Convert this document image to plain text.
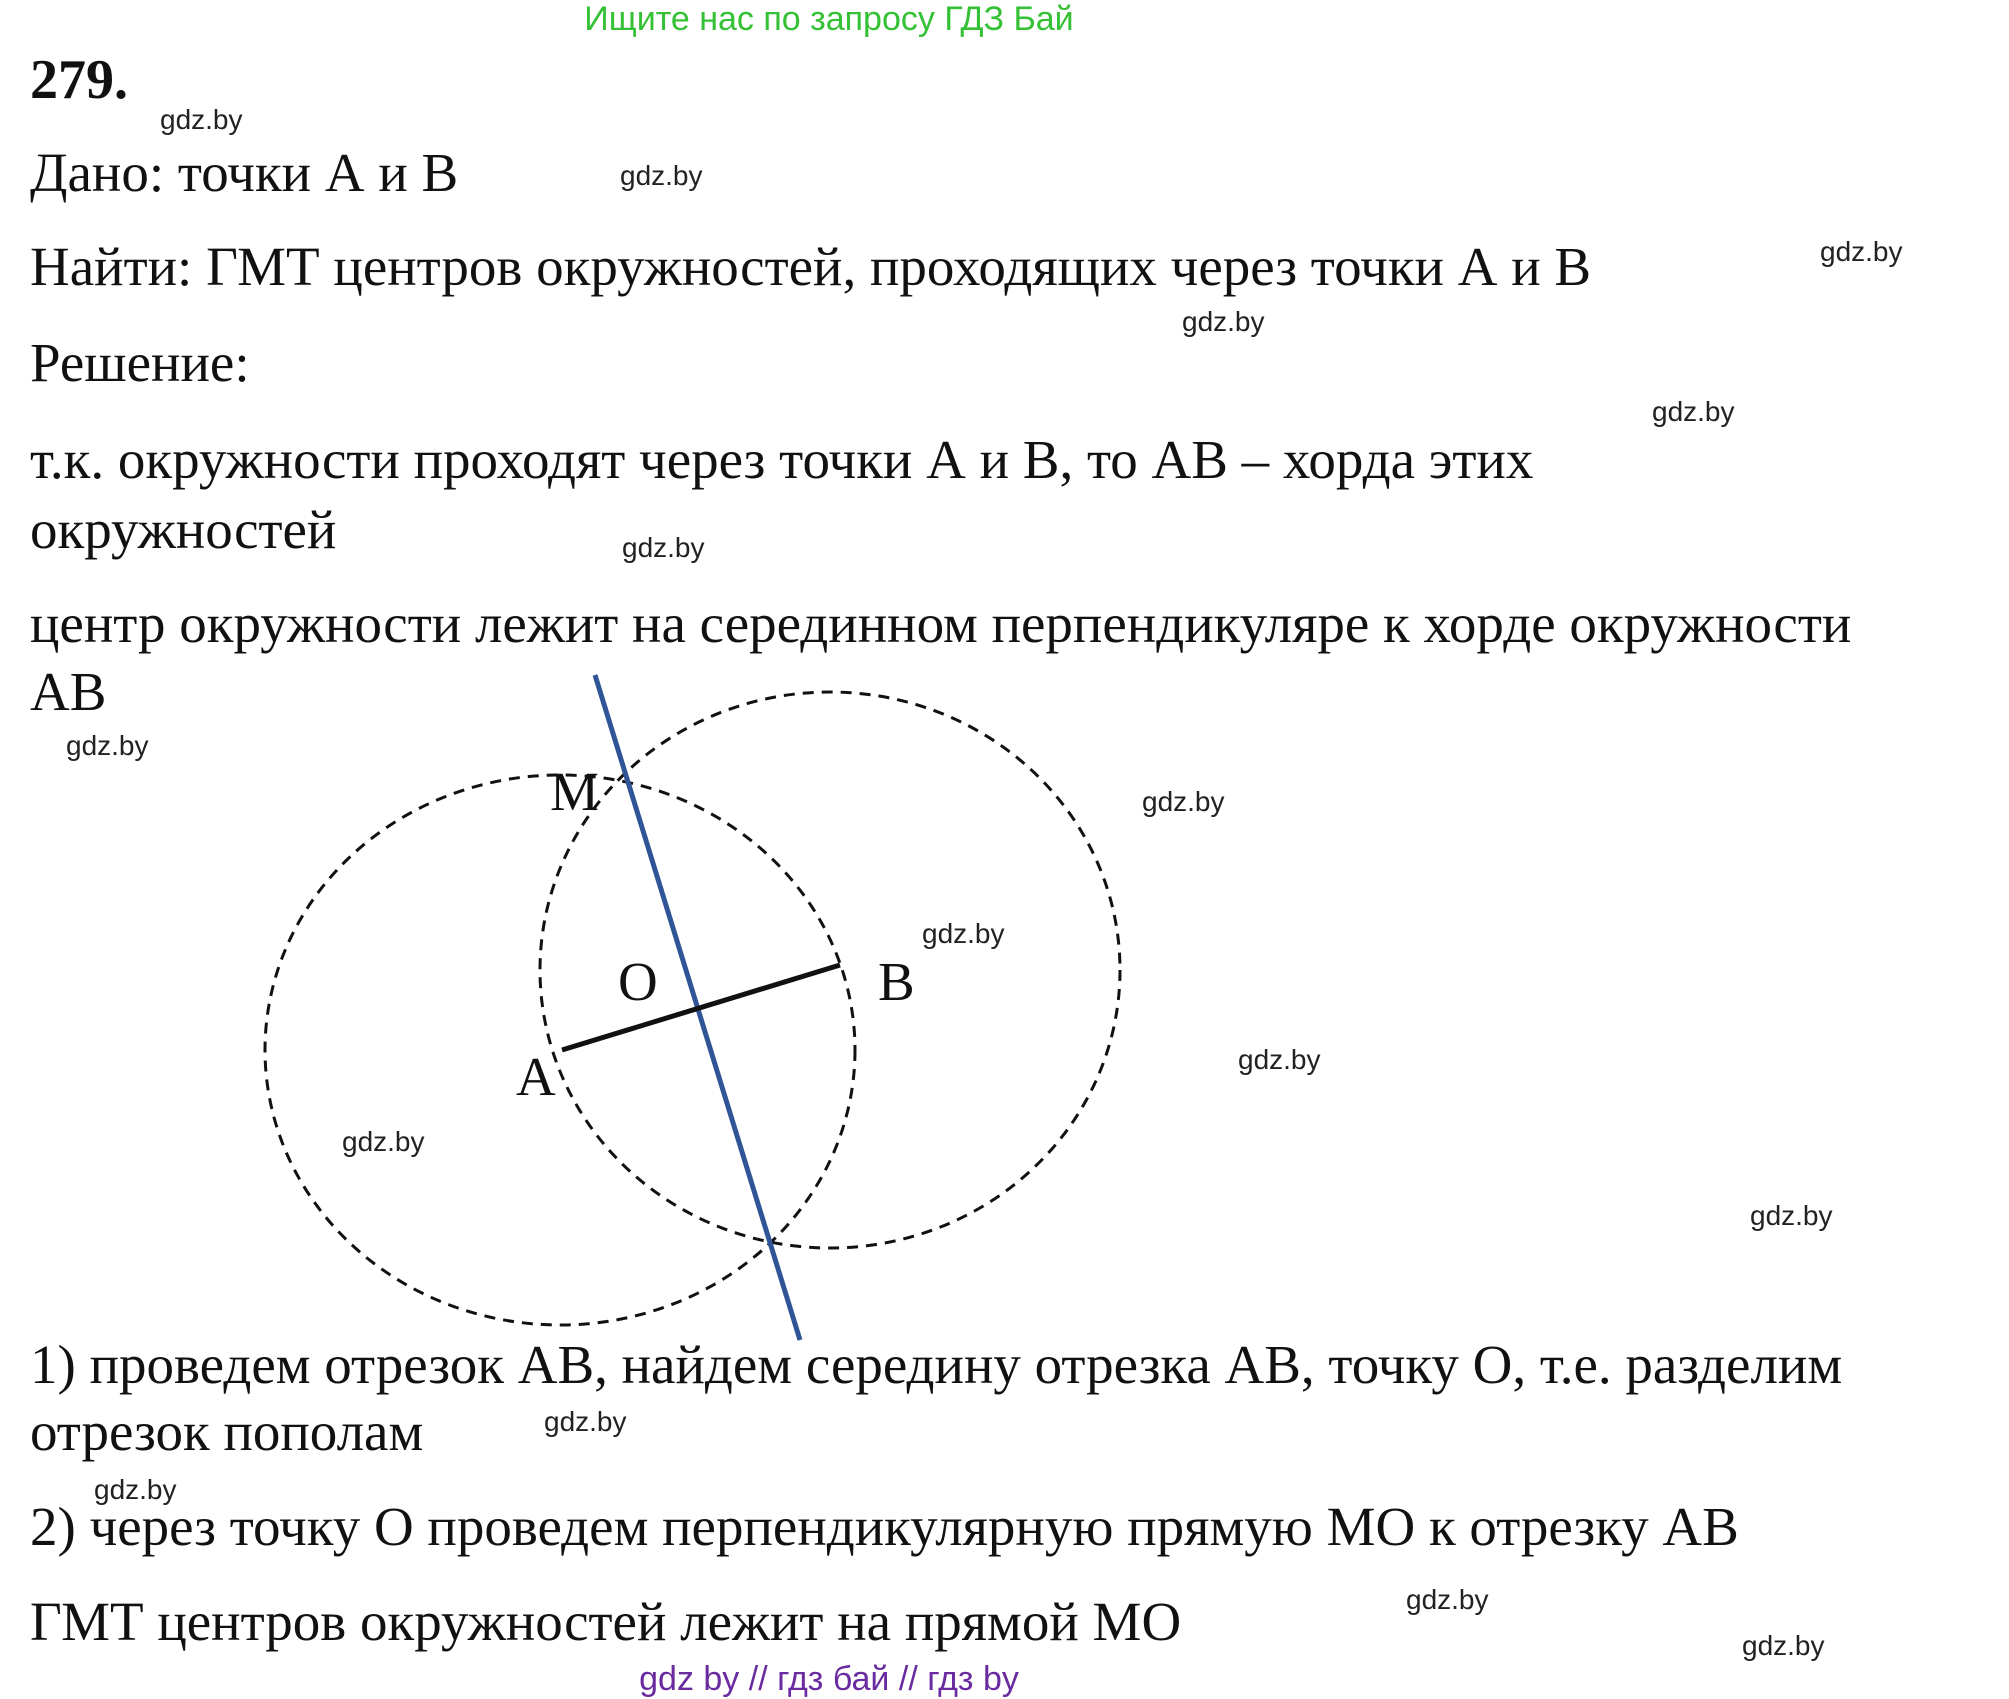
Ищите нас по запросу ГДЗ Бай
279.
Дано: точки А и В
Найти: ГМТ центров окружностей, проходящих через точки А и В
Решение:
т.к. окружности проходят через точки А и В, то АВ – хорда этих
окружностей
центр окружности лежит на серединном перпендикуляре к хорде окружности
АВ
M
O	B
A
1) проведем отрезок АВ, найдем середину отрезка АВ, точку О, т.е. разделим
отрезок пополам
2) через точку О проведем перпендикулярную прямую МО к отрезку АВ
ГМТ центров окружностей лежит на прямой МО
gdz.by
gdz.by
gdz.by
gdz.by
gdz.by
gdz.by
gdz.by
gdz.by
gdz.by
gdz.by
gdz.by
gdz.by
gdz.by
gdz.by
gdz.by
gdz.by
gdz by // гдз бай // гдз by
